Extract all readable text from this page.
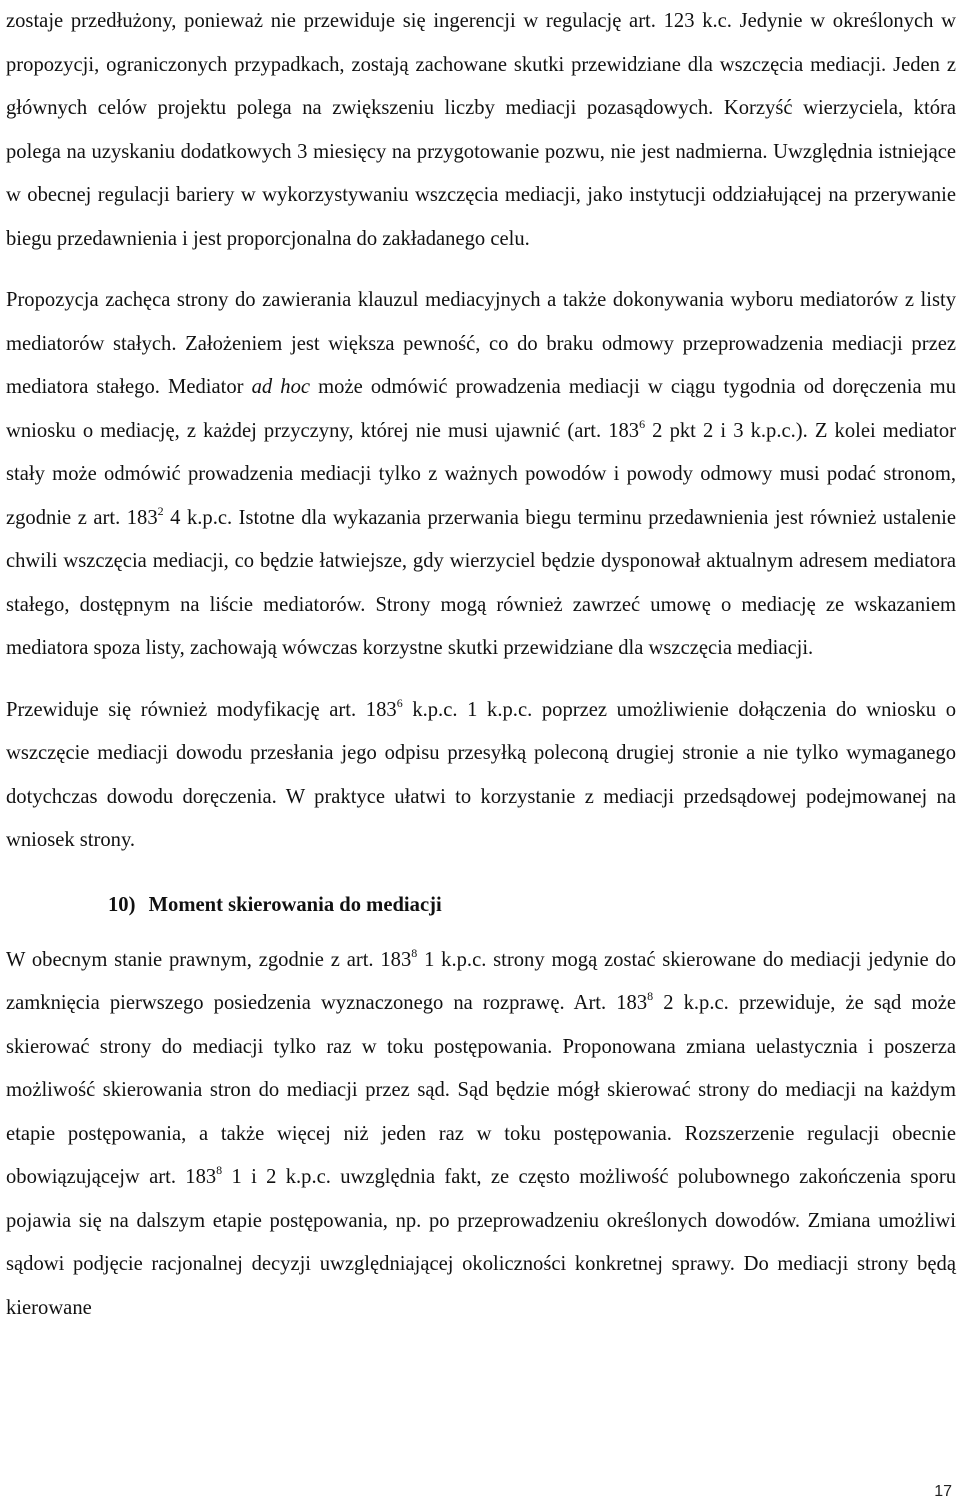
zostaje przedłużony, ponieważ nie przewiduje się ingerencji w regulację art. 123 k.c. Jedynie w określonych w propozycji, ograniczonych przypadkach, zostają zachowane skutki przewidziane dla wszczęcia mediacji. Jeden z głównych celów projektu polega na zwiększeniu liczby mediacji pozasądowych. Korzyść wierzyciela, która polega na uzyskaniu dodatkowych 3 miesięcy na przygotowanie pozwu, nie jest nadmierna. Uwzględnia istniejące w obecnej regulacji bariery w wykorzystywaniu wszczęcia mediacji, jako instytucji oddziałującej na przerywanie biegu przedawnienia i jest proporcjonalna do zakładanego celu.

Propozycja zachęca strony do zawierania klauzul mediacyjnych a także dokonywania wyboru mediatorów z listy mediatorów stałych. Założeniem jest większa pewność, co do braku odmowy przeprowadzenia mediacji przez mediatora stałego. Mediator ad hoc może odmówić prowadzenia mediacji w ciągu tygodnia od doręczenia mu wniosku o mediację, z każdej przyczyny, której nie musi ujawnić (art. $183^6$ 2 pkt 2 i 3 k.p.c.). Z kolei mediator stały może odmówić prowadzenia mediacji tylko z ważnych powodów i powody odmowy musi podać stronom, zgodnie z art. $183^2$ 4 k.p.c. Istotne dla wykazania przerwania biegu terminu przedawnienia jest również ustalenie chwili wszczęcia mediacji, co będzie łatwiejsze, gdy wierzyciel będzie dysponował aktualnym adresem mediatora stałego, dostępnym na liście mediatorów. Strony mogą również zawrzeć umowę o mediację ze wskazaniem mediatora spoza listy, zachowają wówczas korzystne skutki przewidziane dla wszczęcia mediacji.

Przewiduje się również modyfikację art. $183^6$ k.p.c. 1 k.p.c. poprzez umożliwienie dołączenia do wniosku o wszczęcie mediacji dowodu przesłania jego odpisu przesyłką poleconą drugiej stronie a nie tylko wymaganego dotychczas dowodu doręczenia. W praktyce ułatwi to korzystanie z mediacji przedsądowej podejmowanej na wniosek strony.

10) Moment skierowania do mediacji

W obecnym stanie prawnym, zgodnie z art. $183^8$ 1 k.p.c. strony mogą zostać skierowane do mediacji jedynie do zamknięcia pierwszego posiedzenia wyznaczonego na rozprawę. Art. $183^8$ 2 k.p.c. przewiduje, że sąd może skierować strony do mediacji tylko raz w toku postępowania. Proponowana zmiana uelastycznia i poszerza możliwość skierowania stron do mediacji przez sąd. Sąd będzie mógł skierować strony do mediacji na każdym etapie postępowania, a także więcej niż jeden raz w toku postępowania. Rozszerzenie regulacji obecnie obowiązującejw art. $183^8$ 1 i 2 k.p.c. uwzględnia fakt, ze często możliwość polubownego zakończenia sporu pojawia się na dalszym etapie postępowania, np. po przeprowadzeniu określonych dowodów. Zmiana umożliwi sądowi podjęcie racjonalnej decyzji uwzględniającej okoliczności konkretnej sprawy. Do mediacji strony będą kierowane

17
